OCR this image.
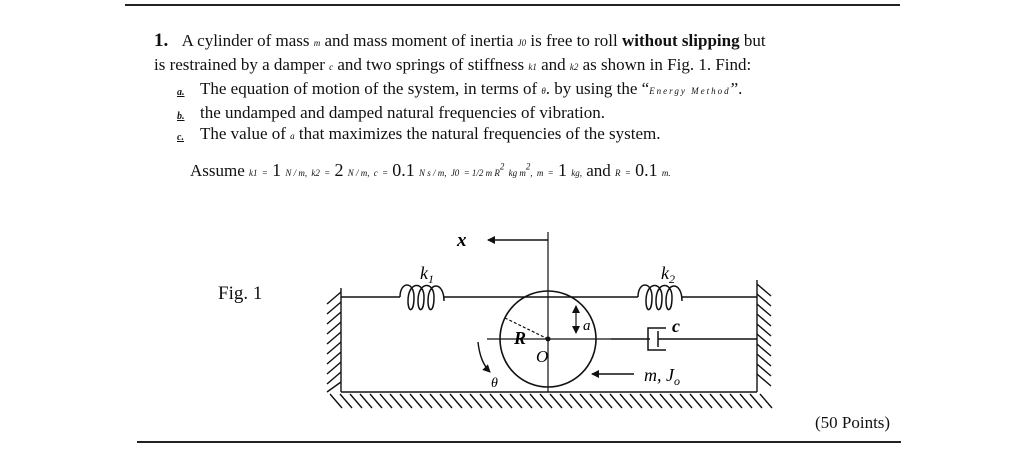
1. A cylinder of mass m and mass moment of inertia J0 is free to roll without slipping but
is restrained by a damper c and two springs of stiffness k1 and k2 as shown in Fig. 1. Find:
a. The equation of motion of the system, in terms of θ. by using the “Energy Method”.
b. the undamped and damped natural frequencies of vibration.
c. The value of a that maximizes the natural frequencies of the system.
Assume k1 = 1 N / m, k2 = 2 N / m, c = 0.1 N s / m, J0 = 1/2 m $R^2$ kg $m^2$, m = 1 kg, and R = 0.1 m.
Fig. 1
x
$k_1$	$k_2$
c
a
R
O
θ	m, $J_o$
(50 Points)
